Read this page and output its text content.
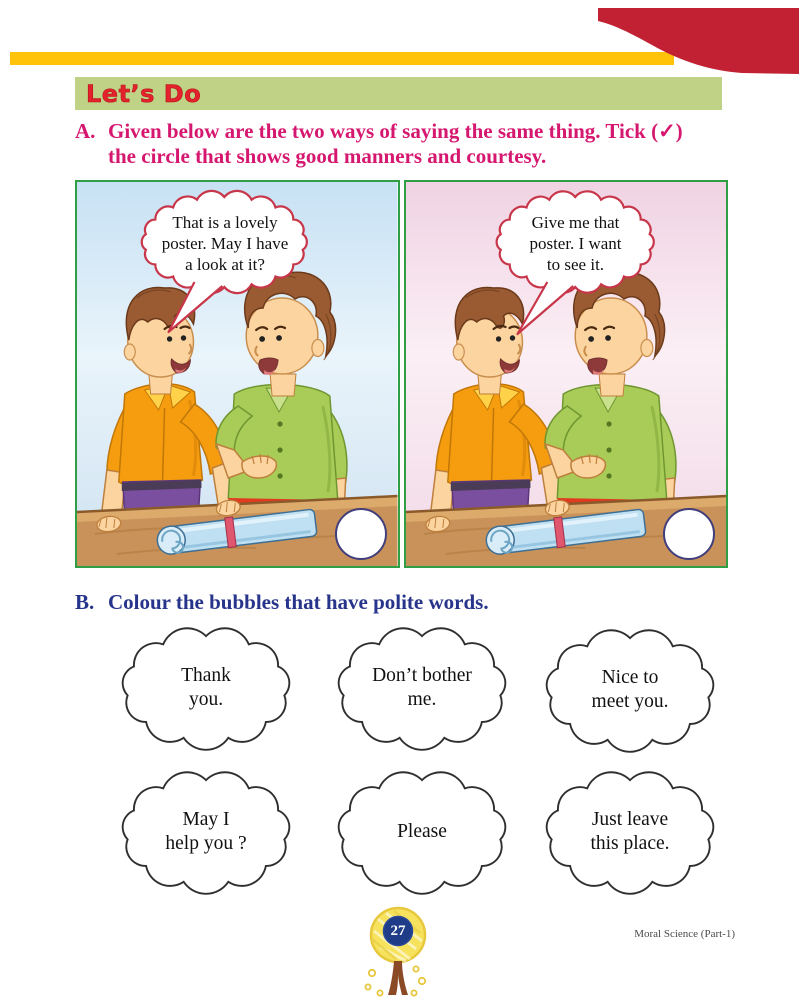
Let’s Do
A. Given below are the two ways of saying the same thing. Tick (✓)
the circle that shows good manners and courtesy.
That is a lovely
poster. May I have
a look at it?
Give me that
poster. I want
to see it.
B. Colour the bubbles that have polite words.
Thank
you.
Don’t bother
me.
Nice to
meet you.
May I
help you ?
Please
Just leave
this place.
27	Moral Science (Part-1)
